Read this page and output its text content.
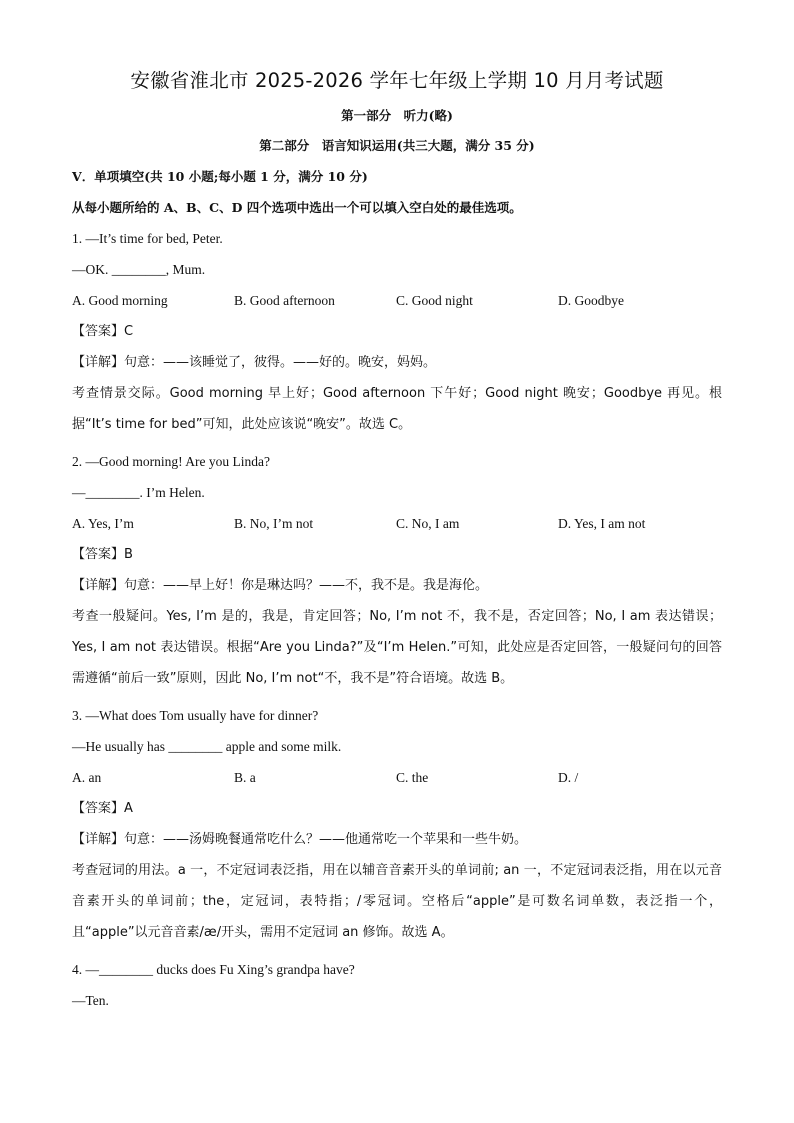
安徽省淮北市 2025-2026 学年七年级上学期 10 月月考试题
第一部分　听力(略)
第二部分　语言知识运用(共三大题，满分 35 分)
V．单项填空(共 10 小题;每小题 1 分，满分 10 分)
从每小题所给的 A、B、C、D 四个选项中选出一个可以填入空白处的最佳选项。
1. —It’s time for bed, Peter.
—OK. ________, Mum.
A. Good morning	B. Good afternoon	C. Good night	D. Goodbye
【答案】C
【详解】句意：——该睡觉了，彼得。——好的。晚安，妈妈。
考查情景交际。Good morning 早上好；Good afternoon 下午好；Good night 晚安；Goodbye 再见。根据“It’s time for bed”可知，此处应该说“晚安”。故选 C。
2. —Good morning! Are you Linda?
—________. I’m Helen.
A. Yes, I’m	B. No, I’m not	C. No, I am	D. Yes, I am not
【答案】B
【详解】句意：——早上好！你是琳达吗？——不，我不是。我是海伦。
考查一般疑问。Yes, I’m 是的，我是，肯定回答；No, I’m not 不，我不是，否定回答；No, I am 表达错误；Yes, I am not 表达错误。根据“Are you Linda?”及“I’m Helen.”可知，此处应是否定回答，一般疑问句的回答需遵循“前后一致”原则，因此 No, I’m not“不，我不是”符合语境。故选 B。
3. —What does Tom usually have for dinner?
—He usually has ________ apple and some milk.
A. an	B. a	C. the	D. /
【答案】A
【详解】句意：——汤姆晚餐通常吃什么？——他通常吃一个苹果和一些牛奶。
考查冠词的用法。a 一，不定冠词表泛指，用在以辅音音素开头的单词前; an 一，不定冠词表泛指，用在以元音音素开头的单词前；the，定冠词，表特指；/零冠词。空格后“apple”是可数名词单数，表泛指一个，且“apple”以元音音素/æ/开头，需用不定冠词 an 修饰。故选 A。
4. —________ ducks does Fu Xing’s grandpa have?
—Ten.
